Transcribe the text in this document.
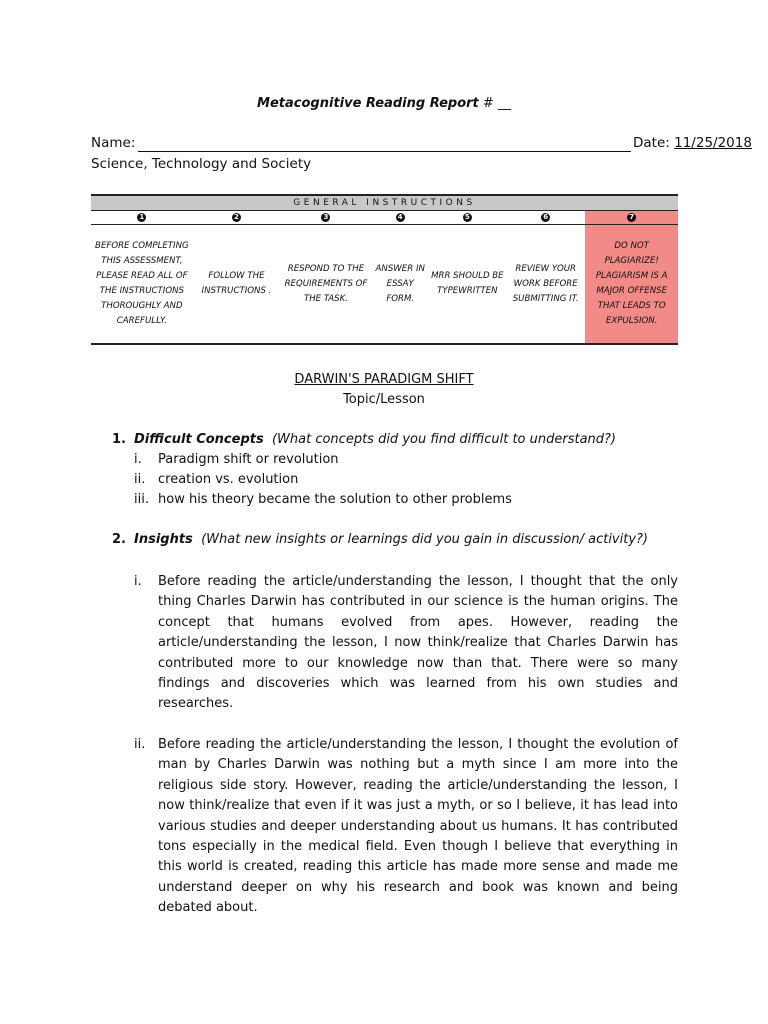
Metacognitive Reading Report # __
Name:	Date: 11/25/2018
Science, Technology and Society
GENERAL INSTRUCTIONS						
1	2	3	4	5	6	7
BEFORE COMPLETING THIS ASSESSMENT, PLEASE READ ALL OF THE INSTRUCTIONS THOROUGHLY AND CAREFULLY.	FOLLOW THE INSTRUCTIONS .	RESPOND TO THE REQUIREMENTS OF THE TASK.	ANSWER IN ESSAY FORM.	MRR SHOULD BE TYPEWRITTEN	REVIEW YOUR WORK BEFORE SUBMITTING IT.	DO NOT PLAGIARIZE! PLAGIARISM IS A MAJOR OFFENSE THAT LEADS TO EXPULSION.
DARWIN'S PARADIGM SHIFT
Topic/Lesson
1. Difficult Concepts (What concepts did you find difficult to understand?)
i. Paradigm shift or revolution
ii. creation vs. evolution
iii. how his theory became the solution to other problems
2. Insights (What new insights or learnings did you gain in discussion/ activity?)
i. Before reading the article/understanding the lesson, I thought that the only thing Charles Darwin has contributed in our science is the human origins. The concept that humans evolved from apes. However, reading the article/understanding the lesson, I now think/realize that Charles Darwin has contributed more to our knowledge now than that. There were so many findings and discoveries which was learned from his own studies and researches.
ii. Before reading the article/understanding the lesson, I thought the evolution of man by Charles Darwin was nothing but a myth since I am more into the religious side story. However, reading the article/understanding the lesson, I now think/realize that even if it was just a myth, or so I believe, it has lead into various studies and deeper understanding about us humans. It has contributed tons especially in the medical field. Even though I believe that everything in this world is created, reading this article has made more sense and made me understand deeper on why his research and book was known and being debated about.
